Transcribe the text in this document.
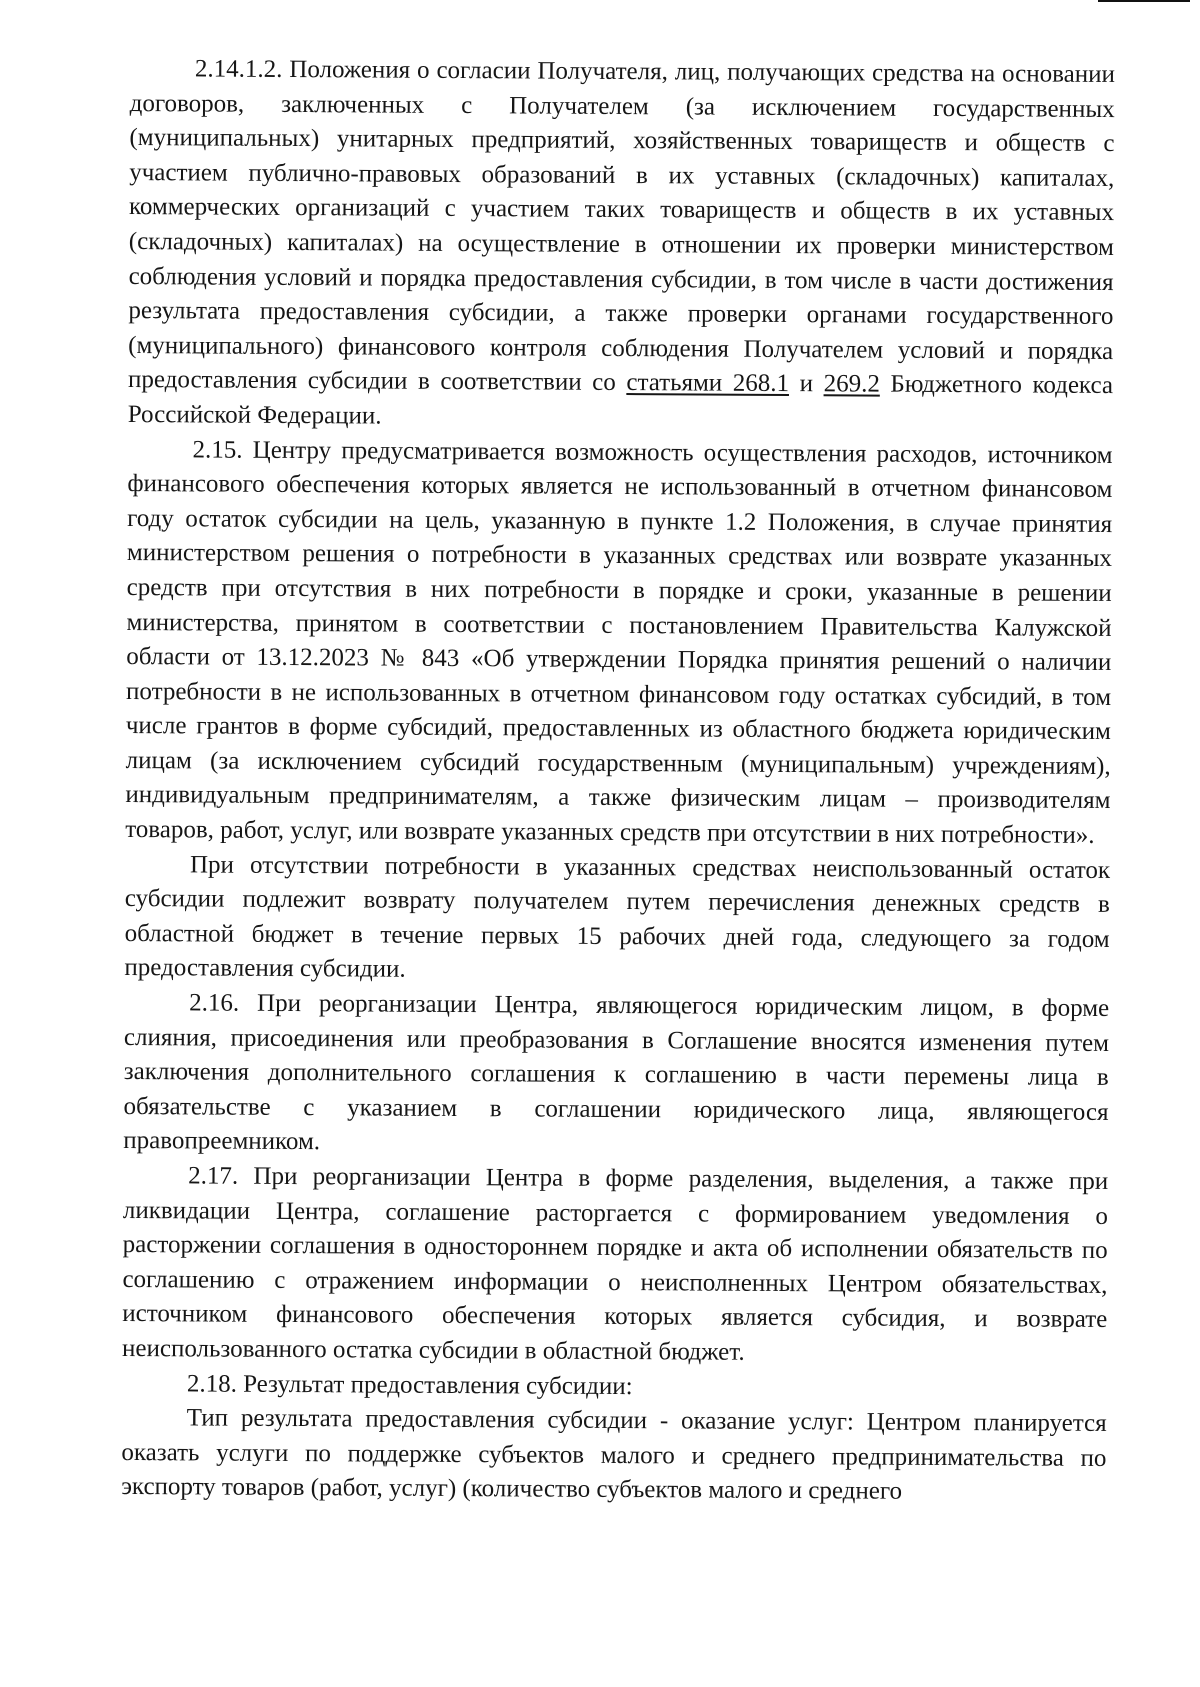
2.14.1.2. Положения о согласии Получателя, лиц, получающих средства на основании договоров, заключенных с Получателем (за исключением государственных (муниципальных) унитарных предприятий, хозяйственных товариществ и обществ с участием публично-правовых образований в их уставных (складочных) капиталах, коммерческих организаций с участием таких товариществ и обществ в их уставных (складочных) капиталах) на осуществление в отношении их проверки министерством соблюдения условий и порядка предоставления субсидии, в том числе в части достижения результата предоставления субсидии, а также проверки органами государственного (муниципального) финансового контроля соблюдения Получателем условий и порядка предоставления субсидии в соответствии со статьями 268.1 и 269.2 Бюджетного кодекса Российской Федерации.

2.15. Центру предусматривается возможность осуществления расходов, источником финансового обеспечения которых является не использованный в отчетном финансовом году остаток субсидии на цель, указанную в пункте 1.2 Положения, в случае принятия министерством решения о потребности в указанных средствах или возврате указанных средств при отсутствия в них потребности в порядке и сроки, указанные в решении министерства, принятом в соответствии с постановлением Правительства Калужской области от 13.12.2023 № 843 «Об утверждении Порядка принятия решений о наличии потребности в не использованных в отчетном финансовом году остатках субсидий, в том числе грантов в форме субсидий, предоставленных из областного бюджета юридическим лицам (за исключением субсидий государственным (муниципальным) учреждениям), индивидуальным предпринимателям, а также физическим лицам – производителям товаров, работ, услуг, или возврате указанных средств при отсутствии в них потребности».

При отсутствии потребности в указанных средствах неиспользованный остаток субсидии подлежит возврату получателем путем перечисления денежных средств в областной бюджет в течение первых 15 рабочих дней года, следующего за годом предоставления субсидии.

2.16. При реорганизации Центра, являющегося юридическим лицом, в форме слияния, присоединения или преобразования в Соглашение вносятся изменения путем заключения дополнительного соглашения к соглашению в части перемены лица в обязательстве с указанием в соглашении юридического лица, являющегося правопреемником.

2.17. При реорганизации Центра в форме разделения, выделения, а также при ликвидации Центра, соглашение расторгается с формированием уведомления о расторжении соглашения в одностороннем порядке и акта об исполнении обязательств по соглашению с отражением информации о неисполненных Центром обязательствах, источником финансового обеспечения которых является субсидия, и возврате неиспользованного остатка субсидии в областной бюджет.

2.18. Результат предоставления субсидии:

Тип результата предоставления субсидии - оказание услуг: Центром планируется оказать услуги по поддержке субъектов малого и среднего предпринимательства по экспорту товаров (работ, услуг) (количество субъектов малого и среднего
